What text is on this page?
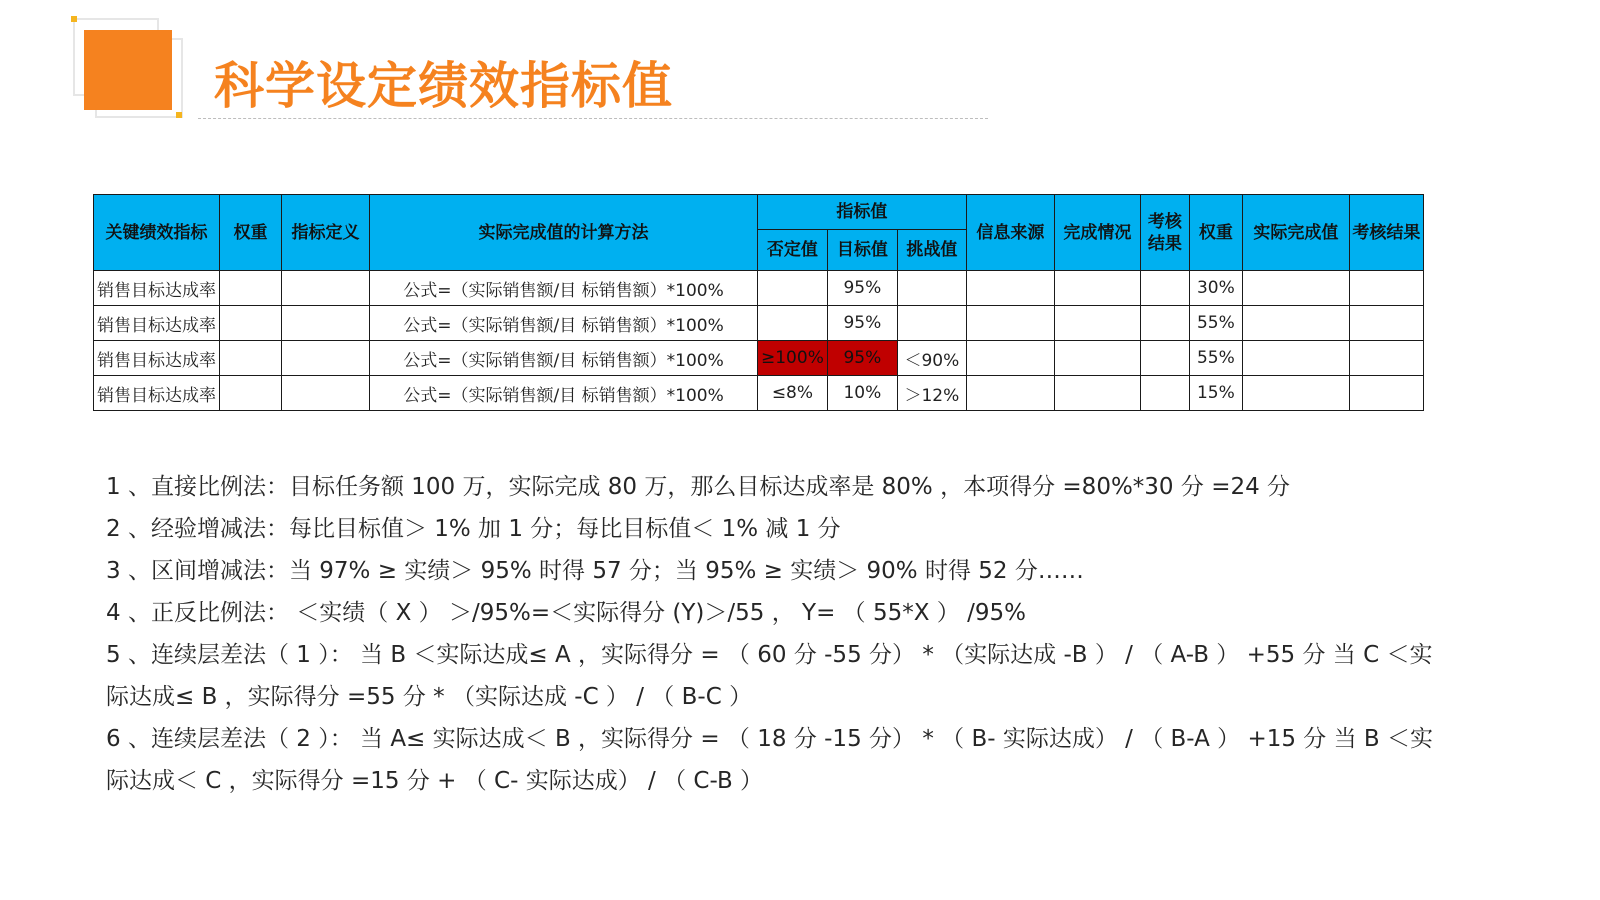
科学设定绩效指标值
关键绩效指标	权重	指标定义	实际完成值的计算方法	指标值			信息来源	完成情况	考核结果	权重	实际完成值	考核结果
				否定值	目标值	挑战值						
销售目标达成率			公式=（实际销售额/目 标销售额）*100%		95%					30%		
销售目标达成率			公式=（实际销售额/目 标销售额）*100%		95%					55%		
销售目标达成率			公式=（实际销售额/目 标销售额）*100%	≥100%	95%	＜90%				55%		
销售目标达成率			公式=（实际销售额/目 标销售额）*100%	≤8%	10%	＞12%				15%		

1 、直接比例法：目标任务额 100 万，实际完成 80 万，那么目标达成率是 80% ，本项得分 =80%*30 分 =24 分

2 、经验增减法：每比目标值＞ 1% 加 1 分；每比目标值＜ 1% 减 1 分

3 、区间增减法：当 97% ≥ 实绩＞ 95% 时得 57 分；当 95% ≥ 实绩＞ 90% 时得 52 分……

4 、正反比例法： ＜实绩（ X ） ＞/95%=＜实际得分 (Y)＞/55 ， Y= （ 55*X ） /95%

5 、连续层差法（ 1 ）： 当 B ＜实际达成≤ A ，实际得分 = （ 60 分 -55 分） * （实际达成 -B ） / （ A-B ） +55 分 当 C ＜实际达成≤ B ，实际得分 =55 分 * （实际达成 -C ） / （ B-C ）

6 、连续层差法（ 2 ）： 当 A≤ 实际达成＜ B ，实际得分 = （ 18 分 -15 分） * （ B- 实际达成） / （ B-A ） +15 分 当 B ＜实际达成＜ C ，实际得分 =15 分 + （ C- 实际达成） / （ C-B ）
